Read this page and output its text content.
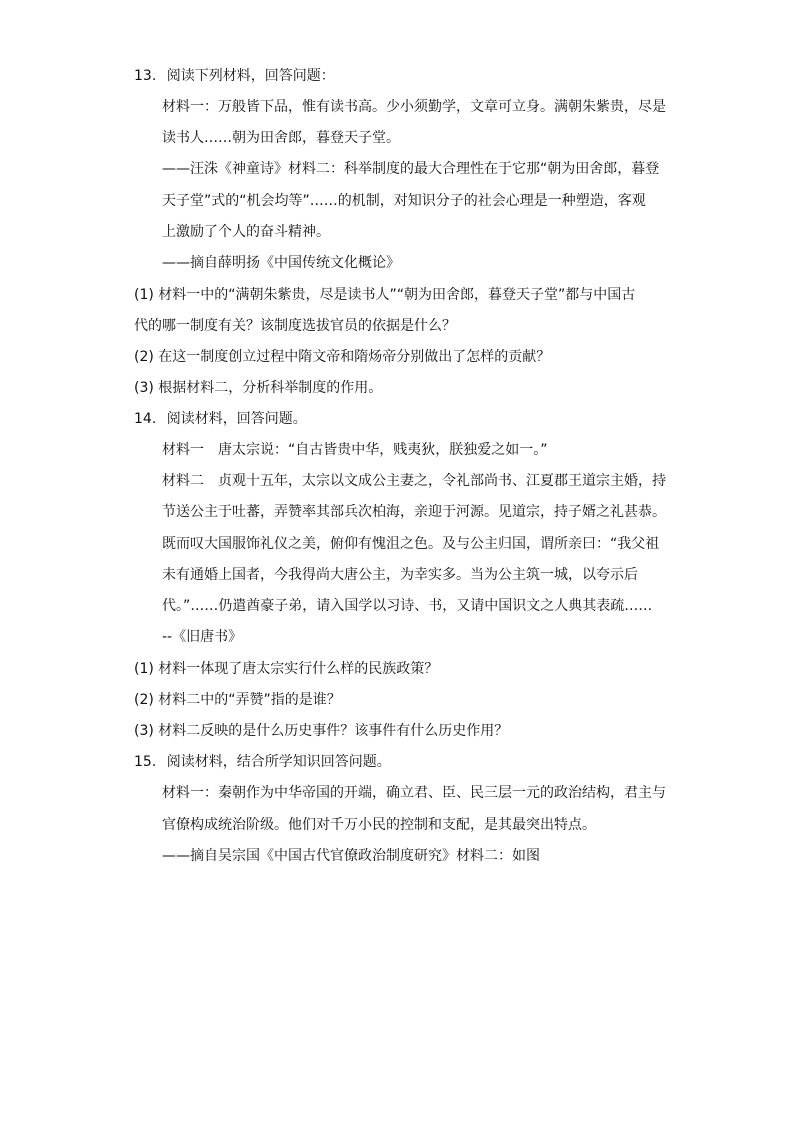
13. 阅读下列材料，回答问题：
材料一：万般皆下品，惟有读书高。少小须勤学，文章可立身。满朝朱紫贵，尽是
读书人……朝为田舍郎，暮登天子堂。
——汪洙《神童诗》材料二：科举制度的最大合理性在于它那“朝为田舍郎，暮登
天子堂”式的“机会均等”……的机制，对知识分子的社会心理是一种塑造，客观
上激励了个人的奋斗精神。
——摘自薛明扬《中国传统文化概论》
(1) 材料一中的“满朝朱紫贵，尽是读书人”“朝为田舍郎，暮登天子堂”都与中国古
代的哪一制度有关？该制度选拔官员的依据是什么？
(2) 在这一制度创立过程中隋文帝和隋炀帝分别做出了怎样的贡献？
(3) 根据材料二，分析科举制度的作用。
14. 阅读材料，回答问题。
材料一　唐太宗说：“自古皆贵中华，贱夷狄，朕独爱之如一。”
材料二　贞观十五年，太宗以文成公主妻之，令礼部尚书、江夏郡王道宗主婚，持
节送公主于吐蕃，弄赞率其部兵次柏海，亲迎于河源。见道宗，持子婿之礼甚恭。
既而叹大国服饰礼仪之美，俯仰有愧沮之色。及与公主归国，谓所亲曰：“我父祖
未有通婚上国者，今我得尚大唐公主，为幸实多。当为公主筑一城，以夸示后
代。”……仍遣酋豪子弟，请入国学以习诗、书，又请中国识文之人典其表疏……
--《旧唐书》
(1) 材料一体现了唐太宗实行什么样的民族政策？
(2) 材料二中的“弄赞”指的是谁？
(3) 材料二反映的是什么历史事件？该事件有什么历史作用？
15. 阅读材料，结合所学知识回答问题。
材料一：秦朝作为中华帝国的开端，确立君、臣、民三层一元的政治结构，君主与
官僚构成统治阶级。他们对千万小民的控制和支配，是其最突出特点。
——摘自吴宗国《中国古代官僚政治制度研究》材料二：如图
